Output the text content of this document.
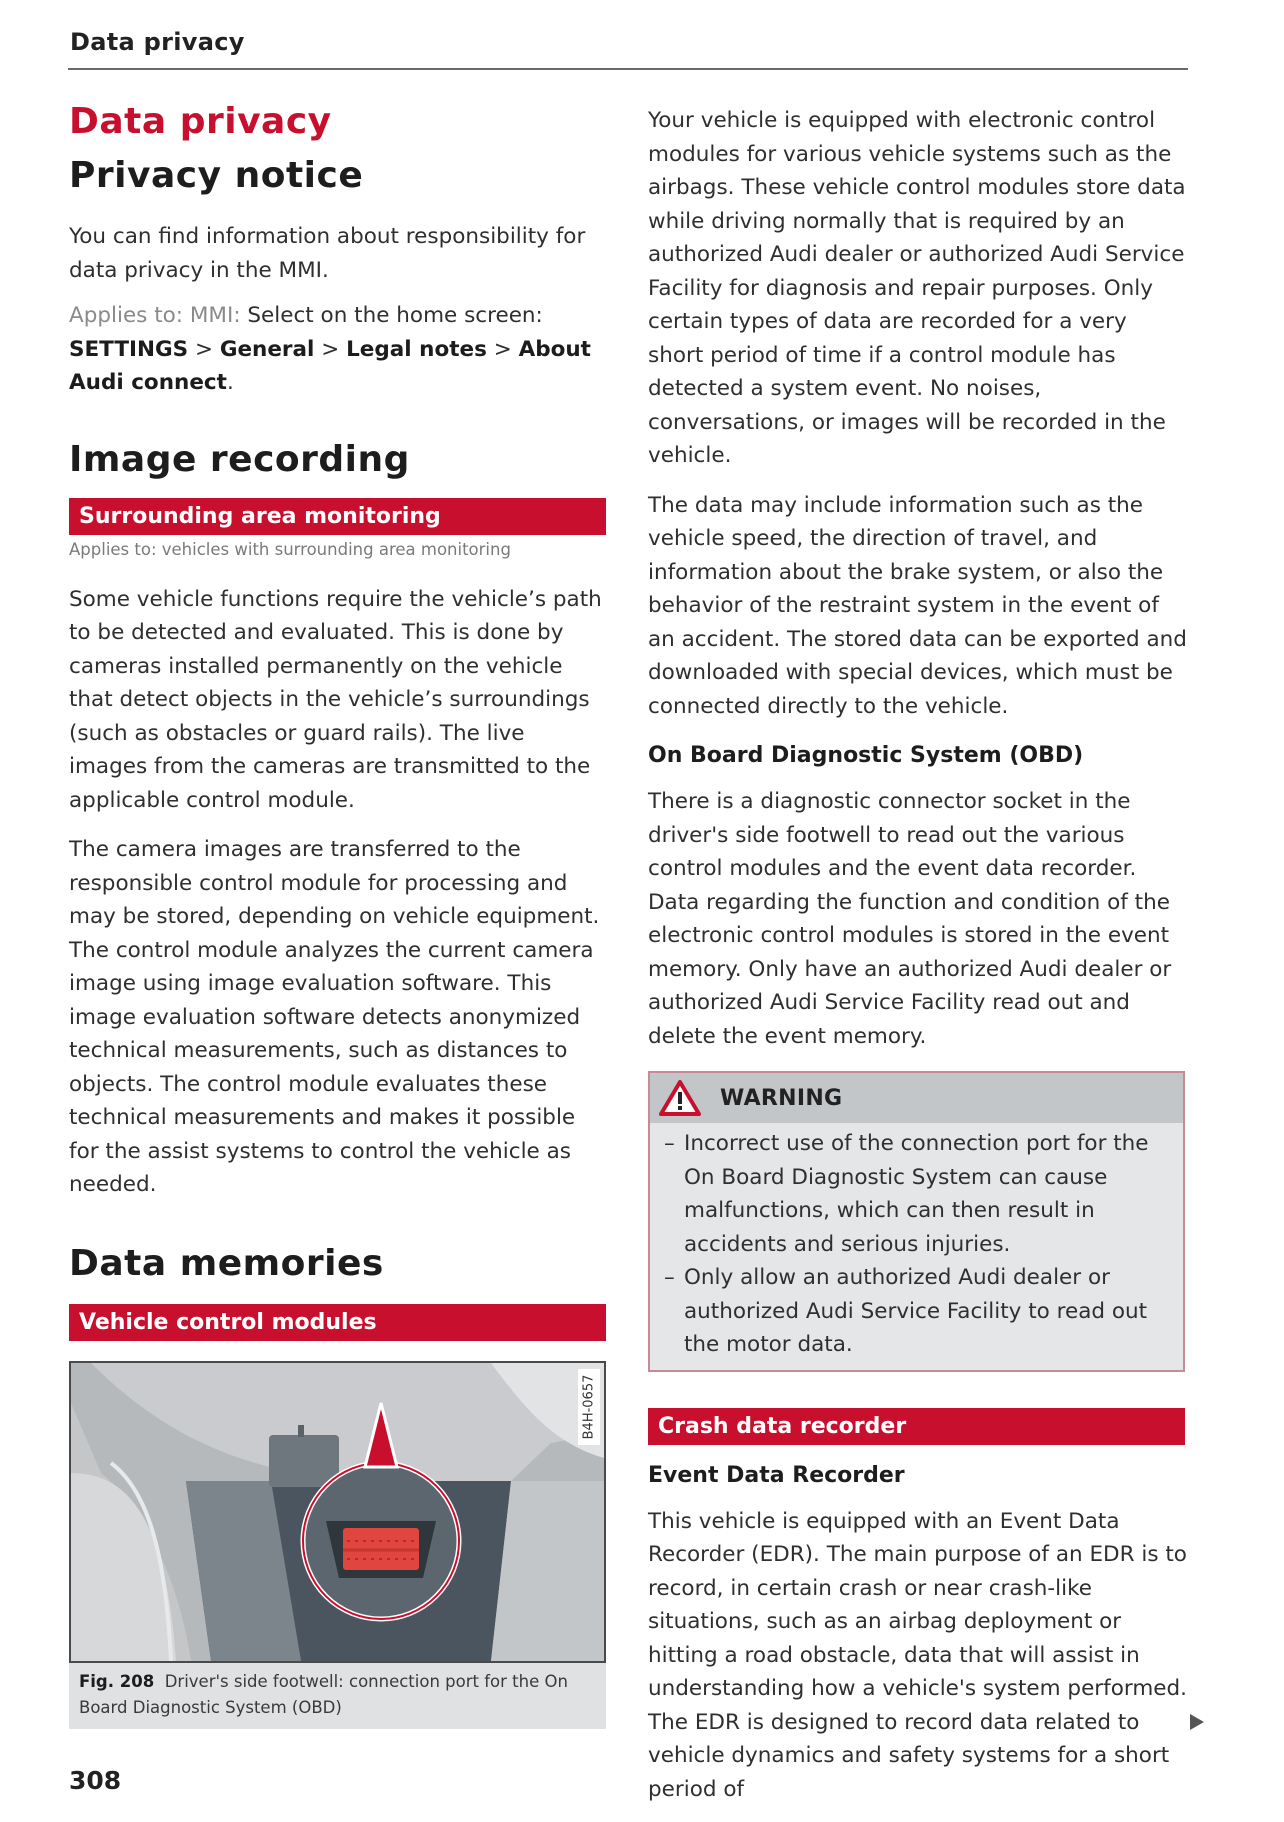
Data privacy
Data privacy
Privacy notice

You can find information about responsibility for data privacy in the MMI.

Applies to: MMI: Select on the home screen: SETTINGS > General > Legal notes > About Audi connect.

Image recording
Surrounding area monitoring
Applies to: vehicles with surrounding area monitoring

Some vehicle functions require the vehicle’s path to be detected and evaluated. This is done by cameras installed permanently on the vehicle that detect objects in the vehicle’s surroundings (such as obstacles or guard rails). The live images from the cameras are transmitted to the applicable control module.

The camera images are transferred to the responsible control module for processing and may be stored, depending on vehicle equipment. The control module analyzes the current camera image using image evaluation software. This image evaluation software detects anonymized technical measurements, such as distances to objects. The control module evaluates these technical measurements and makes it possible for the assist systems to control the vehicle as needed.

Data memories
Vehicle control modules
B4H-0657
Fig. 208 Driver's side footwell: connection port for the On Board Diagnostic System (OBD)

Your vehicle is equipped with electronic control modules for various vehicle systems such as the airbags. These vehicle control modules store data while driving normally that is required by an authorized Audi dealer or authorized Audi Service Facility for diagnosis and repair purposes. Only certain types of data are recorded for a very short period of time if a control module has detected a system event. No noises, conversations, or images will be recorded in the vehicle.

The data may include information such as the vehicle speed, the direction of travel, and information about the brake system, or also the behavior of the restraint system in the event of an accident. The stored data can be exported and downloaded with special devices, which must be connected directly to the vehicle.

On Board Diagnostic System (OBD)

There is a diagnostic connector socket in the driver's side footwell to read out the various control modules and the event data recorder. Data regarding the function and condition of the electronic control modules is stored in the event memory. Only have an authorized Audi dealer or authorized Audi Service Facility read out and delete the event memory.

WARNING
– Incorrect use of the connection port for the On Board Diagnostic System can cause malfunctions, which can then result in accidents and serious injuries.
– Only allow an authorized Audi dealer or authorized Audi Service Facility to read out the motor data.
Crash data recorder
Event Data Recorder

This vehicle is equipped with an Event Data Recorder (EDR). The main purpose of an EDR is to record, in certain crash or near crash-like situations, such as an airbag deployment or hitting a road obstacle, data that will assist in understanding how a vehicle's system performed. The EDR is designed to record data related to vehicle dynamics and safety systems for a short period of

308
